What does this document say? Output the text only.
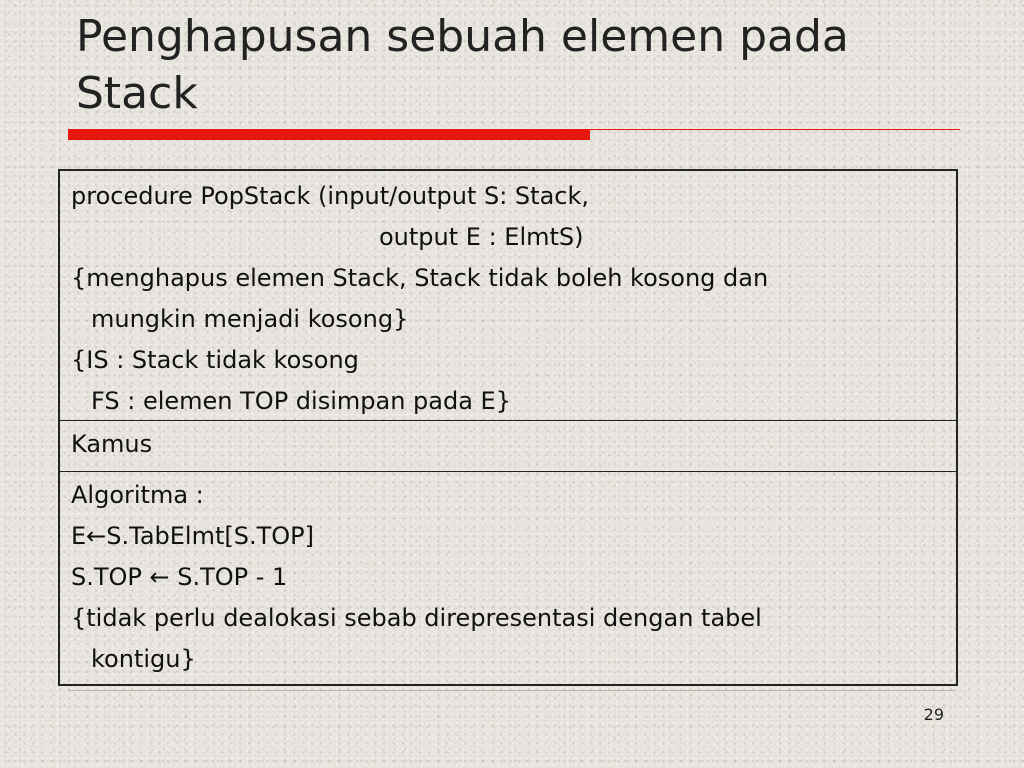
Penghapusan sebuah elemen pada
Stack
procedure PopStack (input/output S: Stack,
output E : ElmtS)
{menghapus elemen Stack, Stack tidak boleh kosong dan
mungkin menjadi kosong}
{IS : Stack tidak kosong
FS : elemen TOP disimpan pada E}
Kamus
Algoritma :
E←S.TabElmt[S.TOP]
S.TOP ← S.TOP - 1
{tidak perlu dealokasi sebab direpresentasi dengan tabel
kontigu}
29
